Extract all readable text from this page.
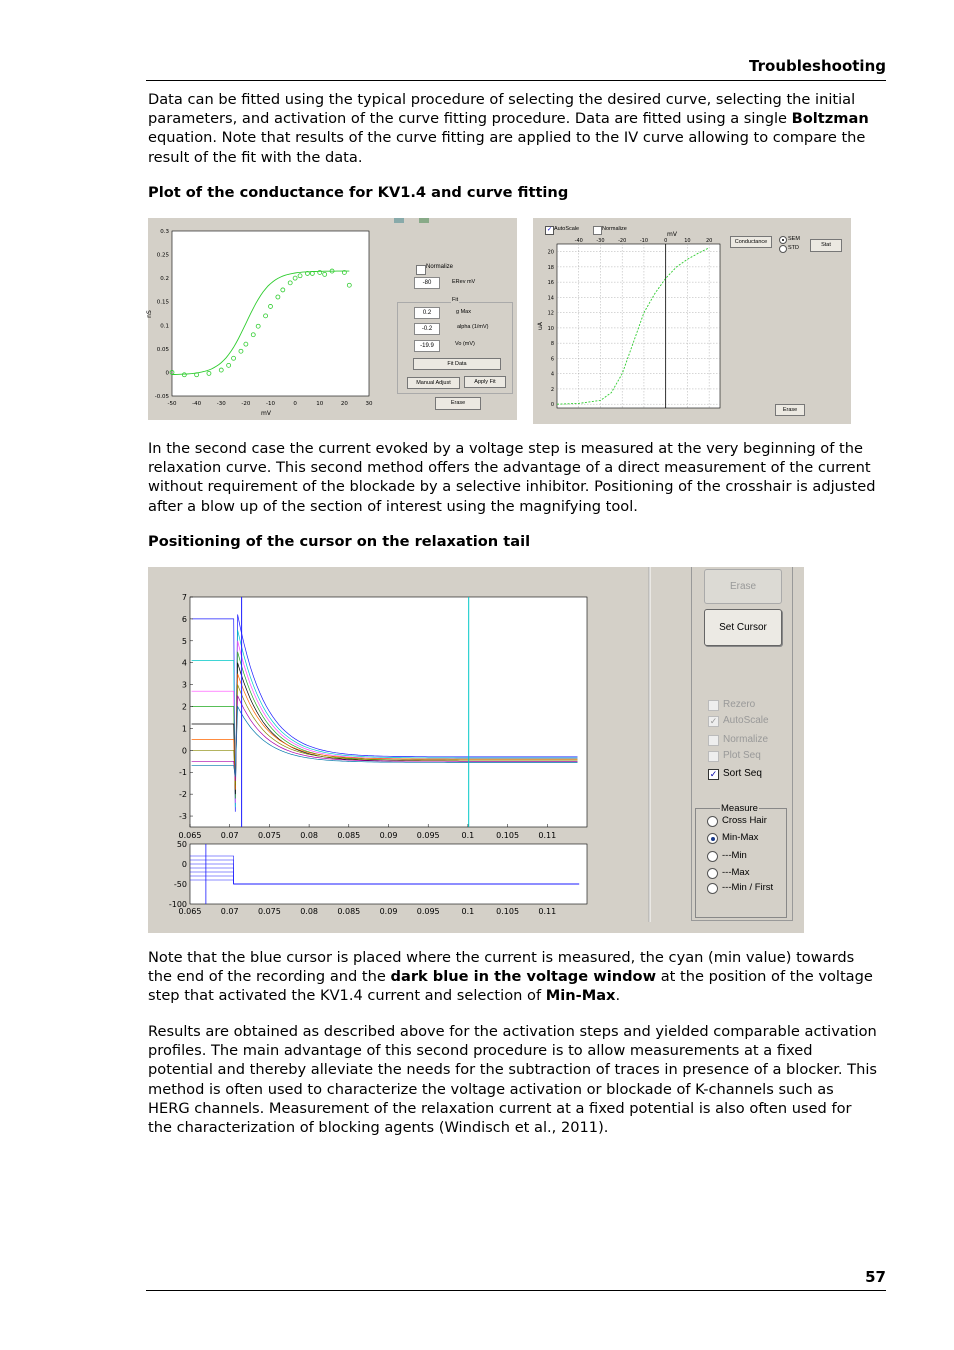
Troubleshooting
Data can be fitted using the typical procedure of selecting the desired curve, selecting the initial parameters, and activation of the curve fitting procedure. Data are fitted using a single Boltzman equation. Note that results of the curve fitting are applied to the IV curve allowing to compare the result of the fit with the data.
Plot of the conductance for KV1.4 and curve fitting
-50	-40	-30	-20	-10	0	10	20	30
-0.05
0
0.05
0.1
0.15
0.2
0.25
0.3
mV
nS
Normalize
-80	ERev mV
Fit
0.2	g Max
-0.2	alpha (1/mV)
-19.9	Vo (mV)
Fit Data
Manual Adjust	Apply Fit
Erase
-40	-30	-20	-10	0	10	20
0
2
4
6
8
10
12
14
16
18
20
mV
uA
✓ AutoScale	Normalize
Conductance	SEM
STD	Stat
Erase
In the second case the current evoked by a voltage step is measured at the very beginning of the relaxation curve. This second method offers the advantage of a direct measurement of the current without requirement of the blockade by a selective inhibitor. Positioning of the crosshair is adjusted after a blow up of the section of interest using the magnifying tool.
Positioning of the cursor on the relaxation tail
0.065 0.07 0.075 0.08 0.085 0.09 0.095	0.1	0.105 0.11
7
6
5
4
3
2
1
0
-1
-2
-3
0.065 0.07 0.075 0.08 0.085 0.09 0.095	0.1	0.105 0.11
50
0
-50
-100
Erase
Set Cursor
Rezero
✓ AutoScale
Normalize
Plot Seq
✓ Sort Seq
Measure
Cross Hair
Min-Max
---Min
---Max
---Min / First
Note that the blue cursor is placed where the current is measured, the cyan (min value) towards the end of the recording and the dark blue in the voltage window at the position of the voltage step that activated the KV1.4 current and selection of Min-Max.
Results are obtained as described above for the activation steps and yielded comparable activation profiles. The main advantage of this second procedure is to allow measurements at a fixed potential and thereby alleviate the needs for the subtraction of traces in presence of a blocker. This method is often used to characterize the voltage activation or blockade of K-channels such as HERG channels. Measurement of the relaxation current at a fixed potential is also often used for the characterization of blocking agents (Windisch et al., 2011).
57
